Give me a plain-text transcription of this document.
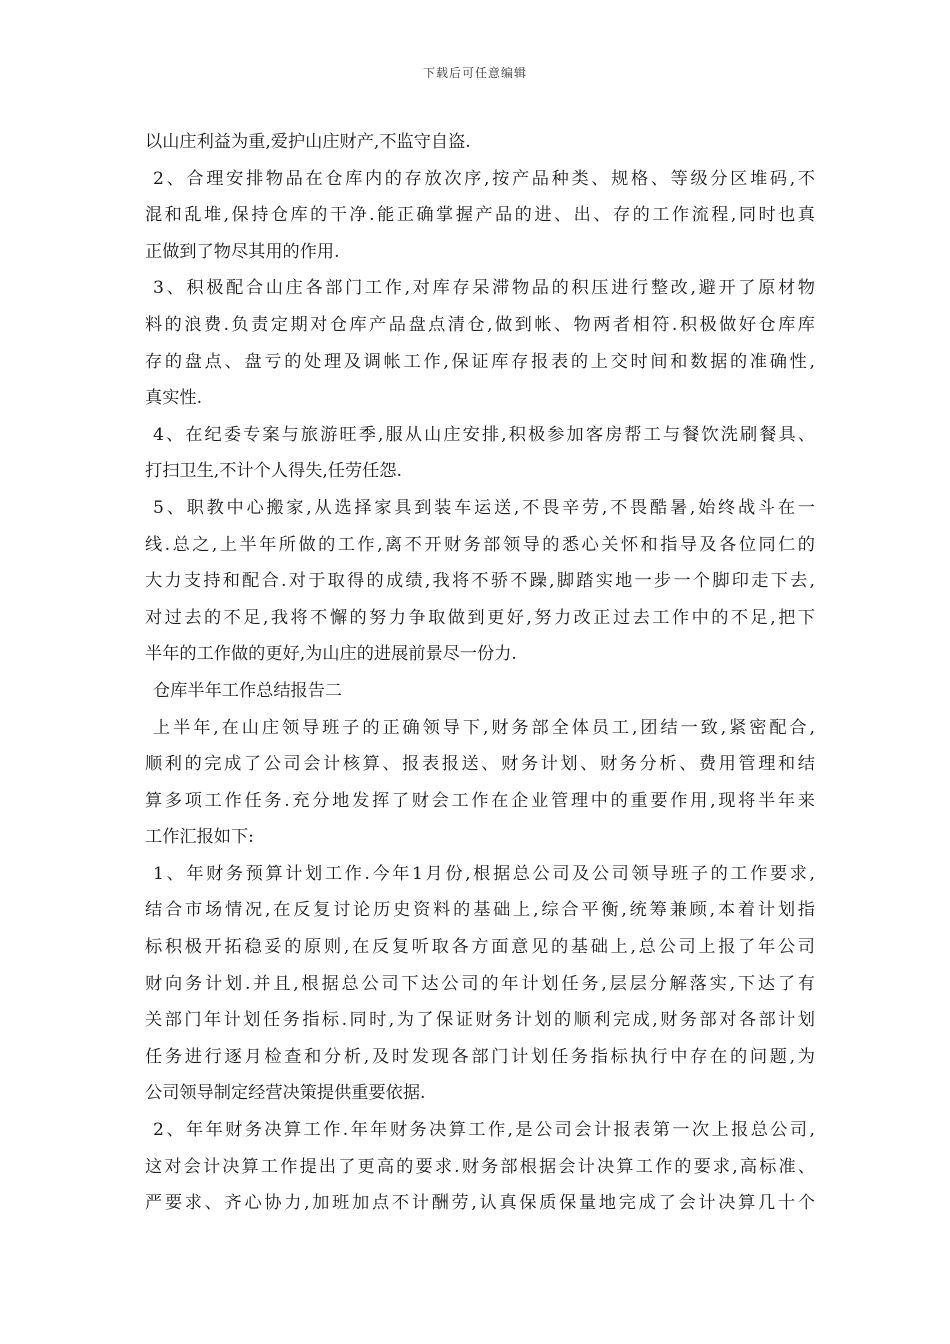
下载后可任意编辑
以山庄利益为重,爱护山庄财产,不监守自盗.
2、合理安排物品在仓库内的存放次序,按产品种类、规格、等级分区堆码,不
混和乱堆,保持仓库的干净.能正确掌握产品的进、出、存的工作流程,同时也真
正做到了物尽其用的作用.
3、积极配合山庄各部门工作,对库存呆滞物品的积压进行整改,避开了原材物
料的浪费.负责定期对仓库产品盘点清仓,做到帐、物两者相符.积极做好仓库库
存的盘点、盘亏的处理及调帐工作,保证库存报表的上交时间和数据的准确性,
真实性.
4、在纪委专案与旅游旺季,服从山庄安排,积极参加客房帮工与餐饮洗刷餐具、
打扫卫生,不计个人得失,任劳任怨.
5、职教中心搬家,从选择家具到装车运送,不畏辛劳,不畏酷暑,始终战斗在一
线.总之,上半年所做的工作,离不开财务部领导的悉心关怀和指导及各位同仁的
大力支持和配合.对于取得的成绩,我将不骄不躁,脚踏实地一步一个脚印走下去,
对过去的不足,我将不懈的努力争取做到更好,努力改正过去工作中的不足,把下
半年的工作做的更好,为山庄的进展前景尽一份力.
仓库半年工作总结报告二
上半年,在山庄领导班子的正确领导下,财务部全体员工,团结一致,紧密配合,
顺利的完成了公司会计核算、报表报送、财务计划、财务分析、费用管理和结
算多项工作任务.充分地发挥了财会工作在企业管理中的重要作用,现将半年来
工作汇报如下:
1、年财务预算计划工作.今年1月份,根据总公司及公司领导班子的工作要求,
结合市场情况,在反复讨论历史资料的基础上,综合平衡,统筹兼顾,本着计划指
标积极开拓稳妥的原则,在反复听取各方面意见的基础上,总公司上报了年公司
财向务计划.并且,根据总公司下达公司的年计划任务,层层分解落实,下达了有
关部门年计划任务指标.同时,为了保证财务计划的顺利完成,财务部对各部计划
任务进行逐月检查和分析,及时发现各部门计划任务指标执行中存在的问题,为
公司领导制定经营决策提供重要依据.
2、年年财务决算工作.年年财务决算工作,是公司会计报表第一次上报总公司,
这对会计决算工作提出了更高的要求.财务部根据会计决算工作的要求,高标准、
严要求、齐心协力,加班加点不计酬劳,认真保质保量地完成了会计决算几十个
